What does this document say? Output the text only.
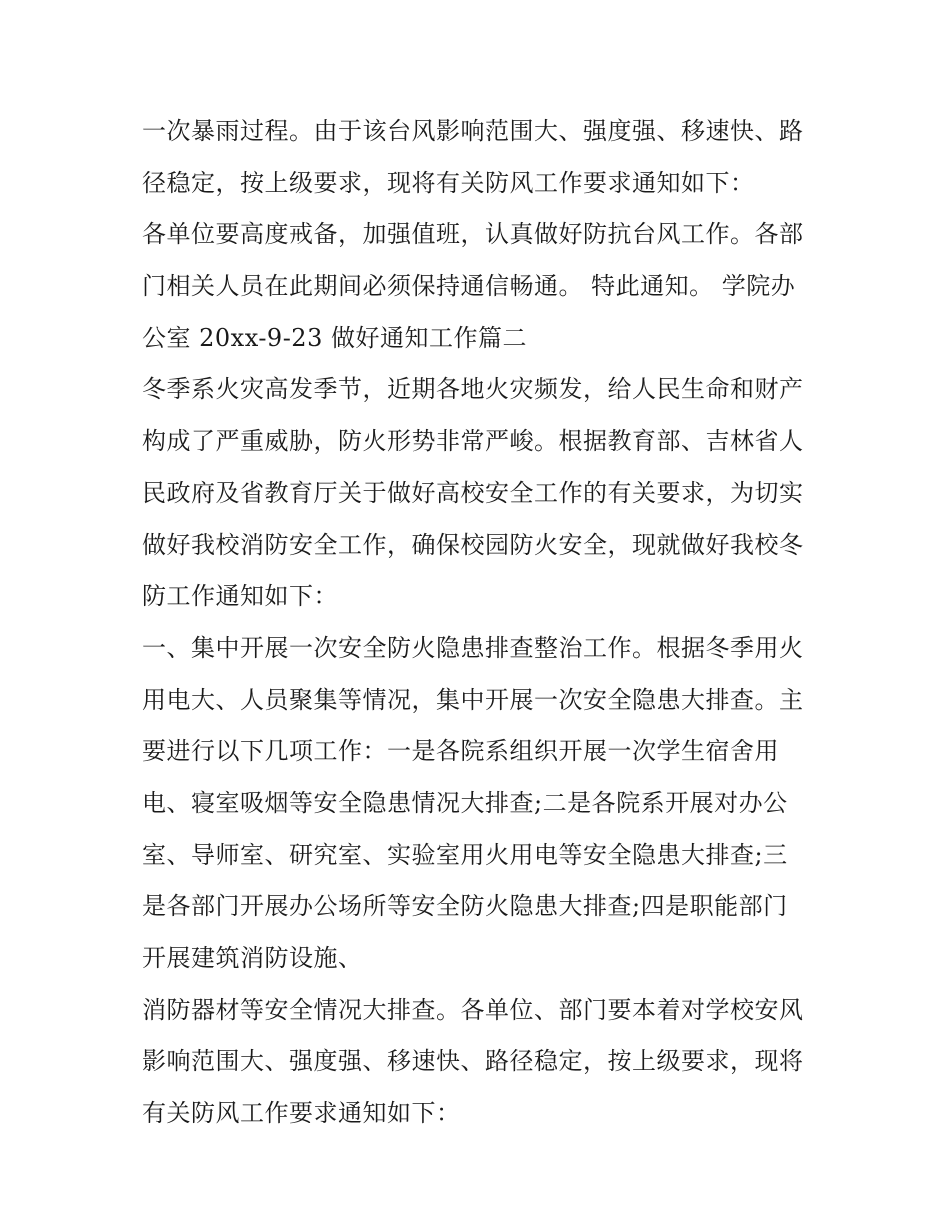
一次暴雨过程。由于该台风影响范围大、强度强、移速快、路

径稳定，按上级要求，现将有关防风工作要求通知如下：

各单位要高度戒备，加强值班，认真做好防抗台风工作。各部

门相关人员在此期间必须保持通信畅通。 特此通知。 学院办

公室 20xx-9-23 做好通知工作篇二

冬季系火灾高发季节，近期各地火灾频发，给人民生命和财产

构成了严重威胁，防火形势非常严峻。根据教育部、吉林省人

民政府及省教育厅关于做好高校安全工作的有关要求，为切实

做好我校消防安全工作，确保校园防火安全，现就做好我校冬

防工作通知如下：

一、集中开展一次安全防火隐患排查整治工作。根据冬季用火

用电大、人员聚集等情况，集中开展一次安全隐患大排查。主

要进行以下几项工作：一是各院系组织开展一次学生宿舍用

电、寝室吸烟等安全隐患情况大排查;二是各院系开展对办公

室、导师室、研究室、实验室用火用电等安全隐患大排查;三

是各部门开展办公场所等安全防火隐患大排查;四是职能部门

开展建筑消防设施、

消防器材等安全情况大排查。各单位、部门要本着对学校安风

影响范围大、强度强、移速快、路径稳定，按上级要求，现将

有关防风工作要求通知如下：
